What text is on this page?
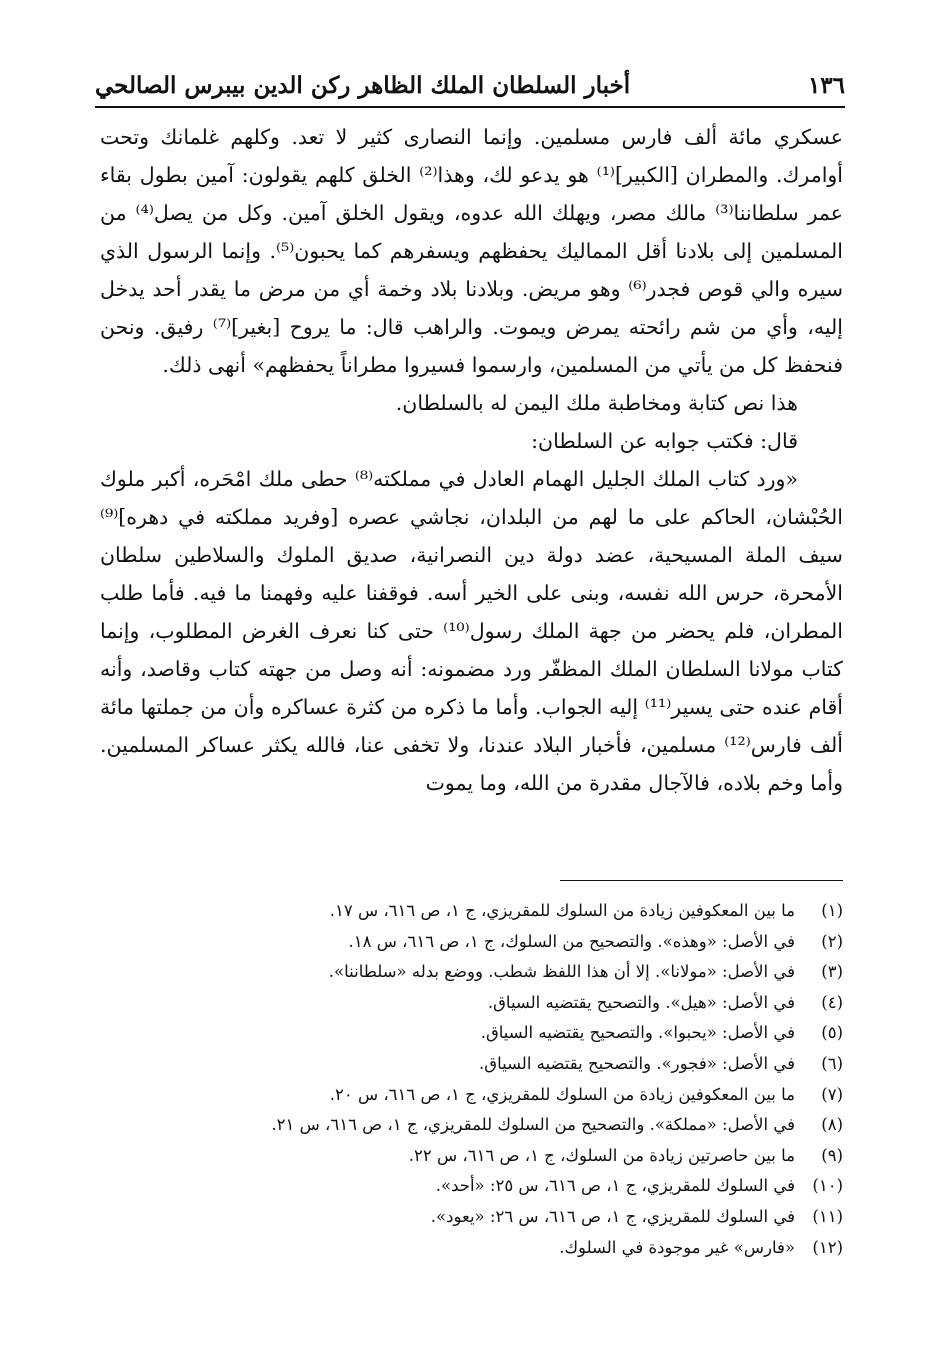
١٣٦
أخبار السلطان الملك الظاهر ركن الدين بيبرس الصالحي

عسكري مائة ألف فارس مسلمين. وإنما النصارى كثير لا تعد. وكلهم غلمانك وتحت أوامرك. والمطران [الكبير]⁽¹⁾ هو يدعو لك، وهذا⁽²⁾ الخلق كلهم يقولون: آمين بطول بقاء عمر سلطاننا⁽³⁾ مالك مصر، ويهلك الله عدوه، ويقول الخلق آمين. وكل من يصل⁽⁴⁾ من المسلمين إلى بلادنا أقل المماليك يحفظهم ويسفرهم كما يحبون⁽⁵⁾. وإنما الرسول الذي سيره والي قوص فجدر⁽⁶⁾ وهو مريض. وبلادنا بلاد وخمة أي من مرض ما يقدر أحد يدخل إليه، وأي من شم رائحته يمرض ويموت. والراهب قال: ما يروح [بغير]⁽⁷⁾ رفيق. ونحن فنحفظ كل من يأتي من المسلمين، وارسموا فسيروا مطراناً يحفظهم» أنهى ذلك.

هذا نص كتابة ومخاطبة ملك اليمن له بالسلطان.

قال: فكتب جوابه عن السلطان:

«ورد كتاب الملك الجليل الهمام العادل في مملكته⁽⁸⁾ حطى ملك امْحَره، أكبر ملوك الحُبْشان، الحاكم على ما لهم من البلدان، نجاشي عصره [وفريد مملكته في دهره]⁽⁹⁾ سيف الملة المسيحية، عضد دولة دين النصرانية، صديق الملوك والسلاطين سلطان الأمحرة، حرس الله نفسه، وبنى على الخير أسه. فوقفنا عليه وفهمنا ما فيه. فأما طلب المطران، فلم يحضر من جهة الملك رسول⁽¹⁰⁾ حتى كنا نعرف الغرض المطلوب، وإنما كتاب مولانا السلطان الملك المظفّر ورد مضمونه: أنه وصل من جهته كتاب وقاصد، وأنه أقام عنده حتى يسير⁽¹¹⁾ إليه الجواب. وأما ما ذكره من كثرة عساكره وأن من جملتها مائة ألف فارس⁽¹²⁾ مسلمين، فأخبار البلاد عندنا، ولا تخفى عنا، فالله يكثر عساكر المسلمين. وأما وخم بلاده، فالآجال مقدرة من الله، وما يموت

(١)
ما بين المعكوفين زيادة من السلوك للمقريزي، ج ١، ص ٦١٦، س ١٧.
(٢)
في الأصل: «وهذه». والتصحيح من السلوك، ج ١، ص ٦١٦، س ١٨.
(٣)
في الأصل: «مولانا». إلا أن هذا اللفظ شطب. ووضع بدله «سلطاننا».
(٤)
في الأصل: «هيل». والتصحيح يقتضيه السياق.
(٥)
في الأصل: «يحبوا». والتصحيح يقتضيه السياق.
(٦)
في الأصل: «فجور». والتصحيح يقتضيه السياق.
(٧)
ما بين المعكوفين زيادة من السلوك للمقريزي، ج ١، ص ٦١٦، س ٢٠.
(٨)
في الأصل: «مملكة». والتصحيح من السلوك للمقريزي، ج ١، ص ٦١٦، س ٢١.
(٩)
ما بين حاصرتين زيادة من السلوك، ج ١، ص ٦١٦، س ٢٢.
(١٠)
في السلوك للمقريزي، ج ١، ص ٦١٦، س ٢٥: «أحد».
(١١)
في السلوك للمقريزي، ج ١، ص ٦١٦، س ٢٦: «يعود».
(١٢)
«فارس» غير موجودة في السلوك.
